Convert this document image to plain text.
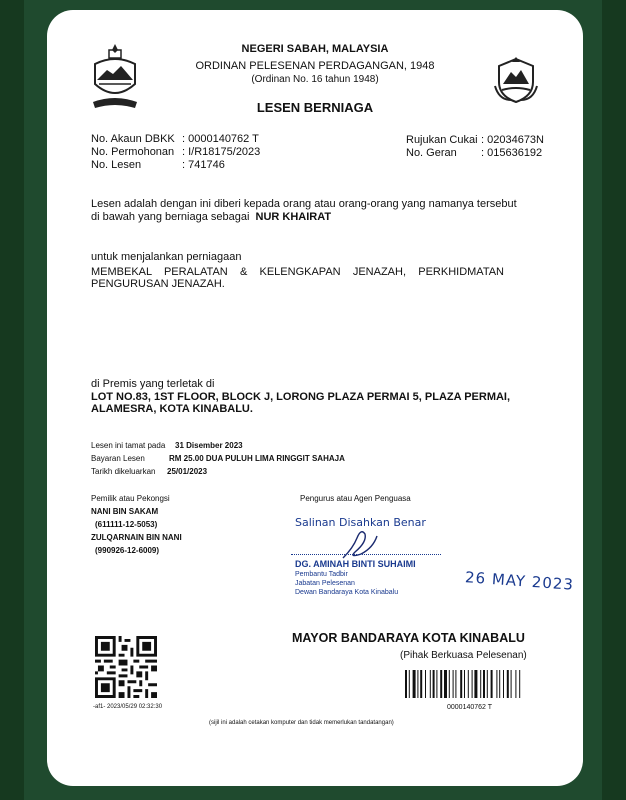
NEGERI SABAH, MALAYSIA
ORDINAN PELESENAN PERDAGANGAN, 1948
(Ordinan No. 16 tahun 1948)
LESEN BERNIAGA
No. Akaun DBKK : 0000140762 T
No. Permohonan : I/R18175/2023
No. Lesen	: 741746
Rujukan Cukai : 02034673N
No. Geran : 015636192
Lesen adalah dengan ini diberi kepada orang atau orang-orang yang namanya tersebut
di bawah yang berniaga sebagai NUR KHAIRAT
untuk menjalankan perniagaan
MEMBEKAL    PERALATAN    &    KELENGKAPAN    JENAZAH,    PERKHIDMATAN
PENGURUSAN JENAZAH.
di Premis yang terletak di
LOT NO.83, 1ST FLOOR, BLOCK J, LORONG PLAZA PERMAI 5, PLAZA PERMAI,
ALAMESRA, KOTA KINABALU.
Lesen ini tamat pada 31 Disember 2023
Bayaran Lesen	RM 25.00 DUA PULUH LIMA RINGGIT SAHAJA
Tarikh dikeluarkan 25/01/2023
Pemilik atau Pekongsi
NANI BIN SAKAM
(611111-12-5053)
ZULQARNAIN BIN NANI
(990926-12-6009)
Pengurus atau Agen Penguasa
Salinan Disahkan Benar
DG. AMINAH BINTI SUHAIMI
Pembantu Tadbir
Jabatan Pelesenan
Dewan Bandaraya Kota Kinabalu	26 MAY 2023
MAYOR BANDARAYA KOTA KINABALU
(Pihak Berkuasa Pelesenan)
-af1- 2023/05/29 02:32:30	0000140762 T
(sijil ini adalah cetakan komputer dan tidak memerlukan tandatangan)
